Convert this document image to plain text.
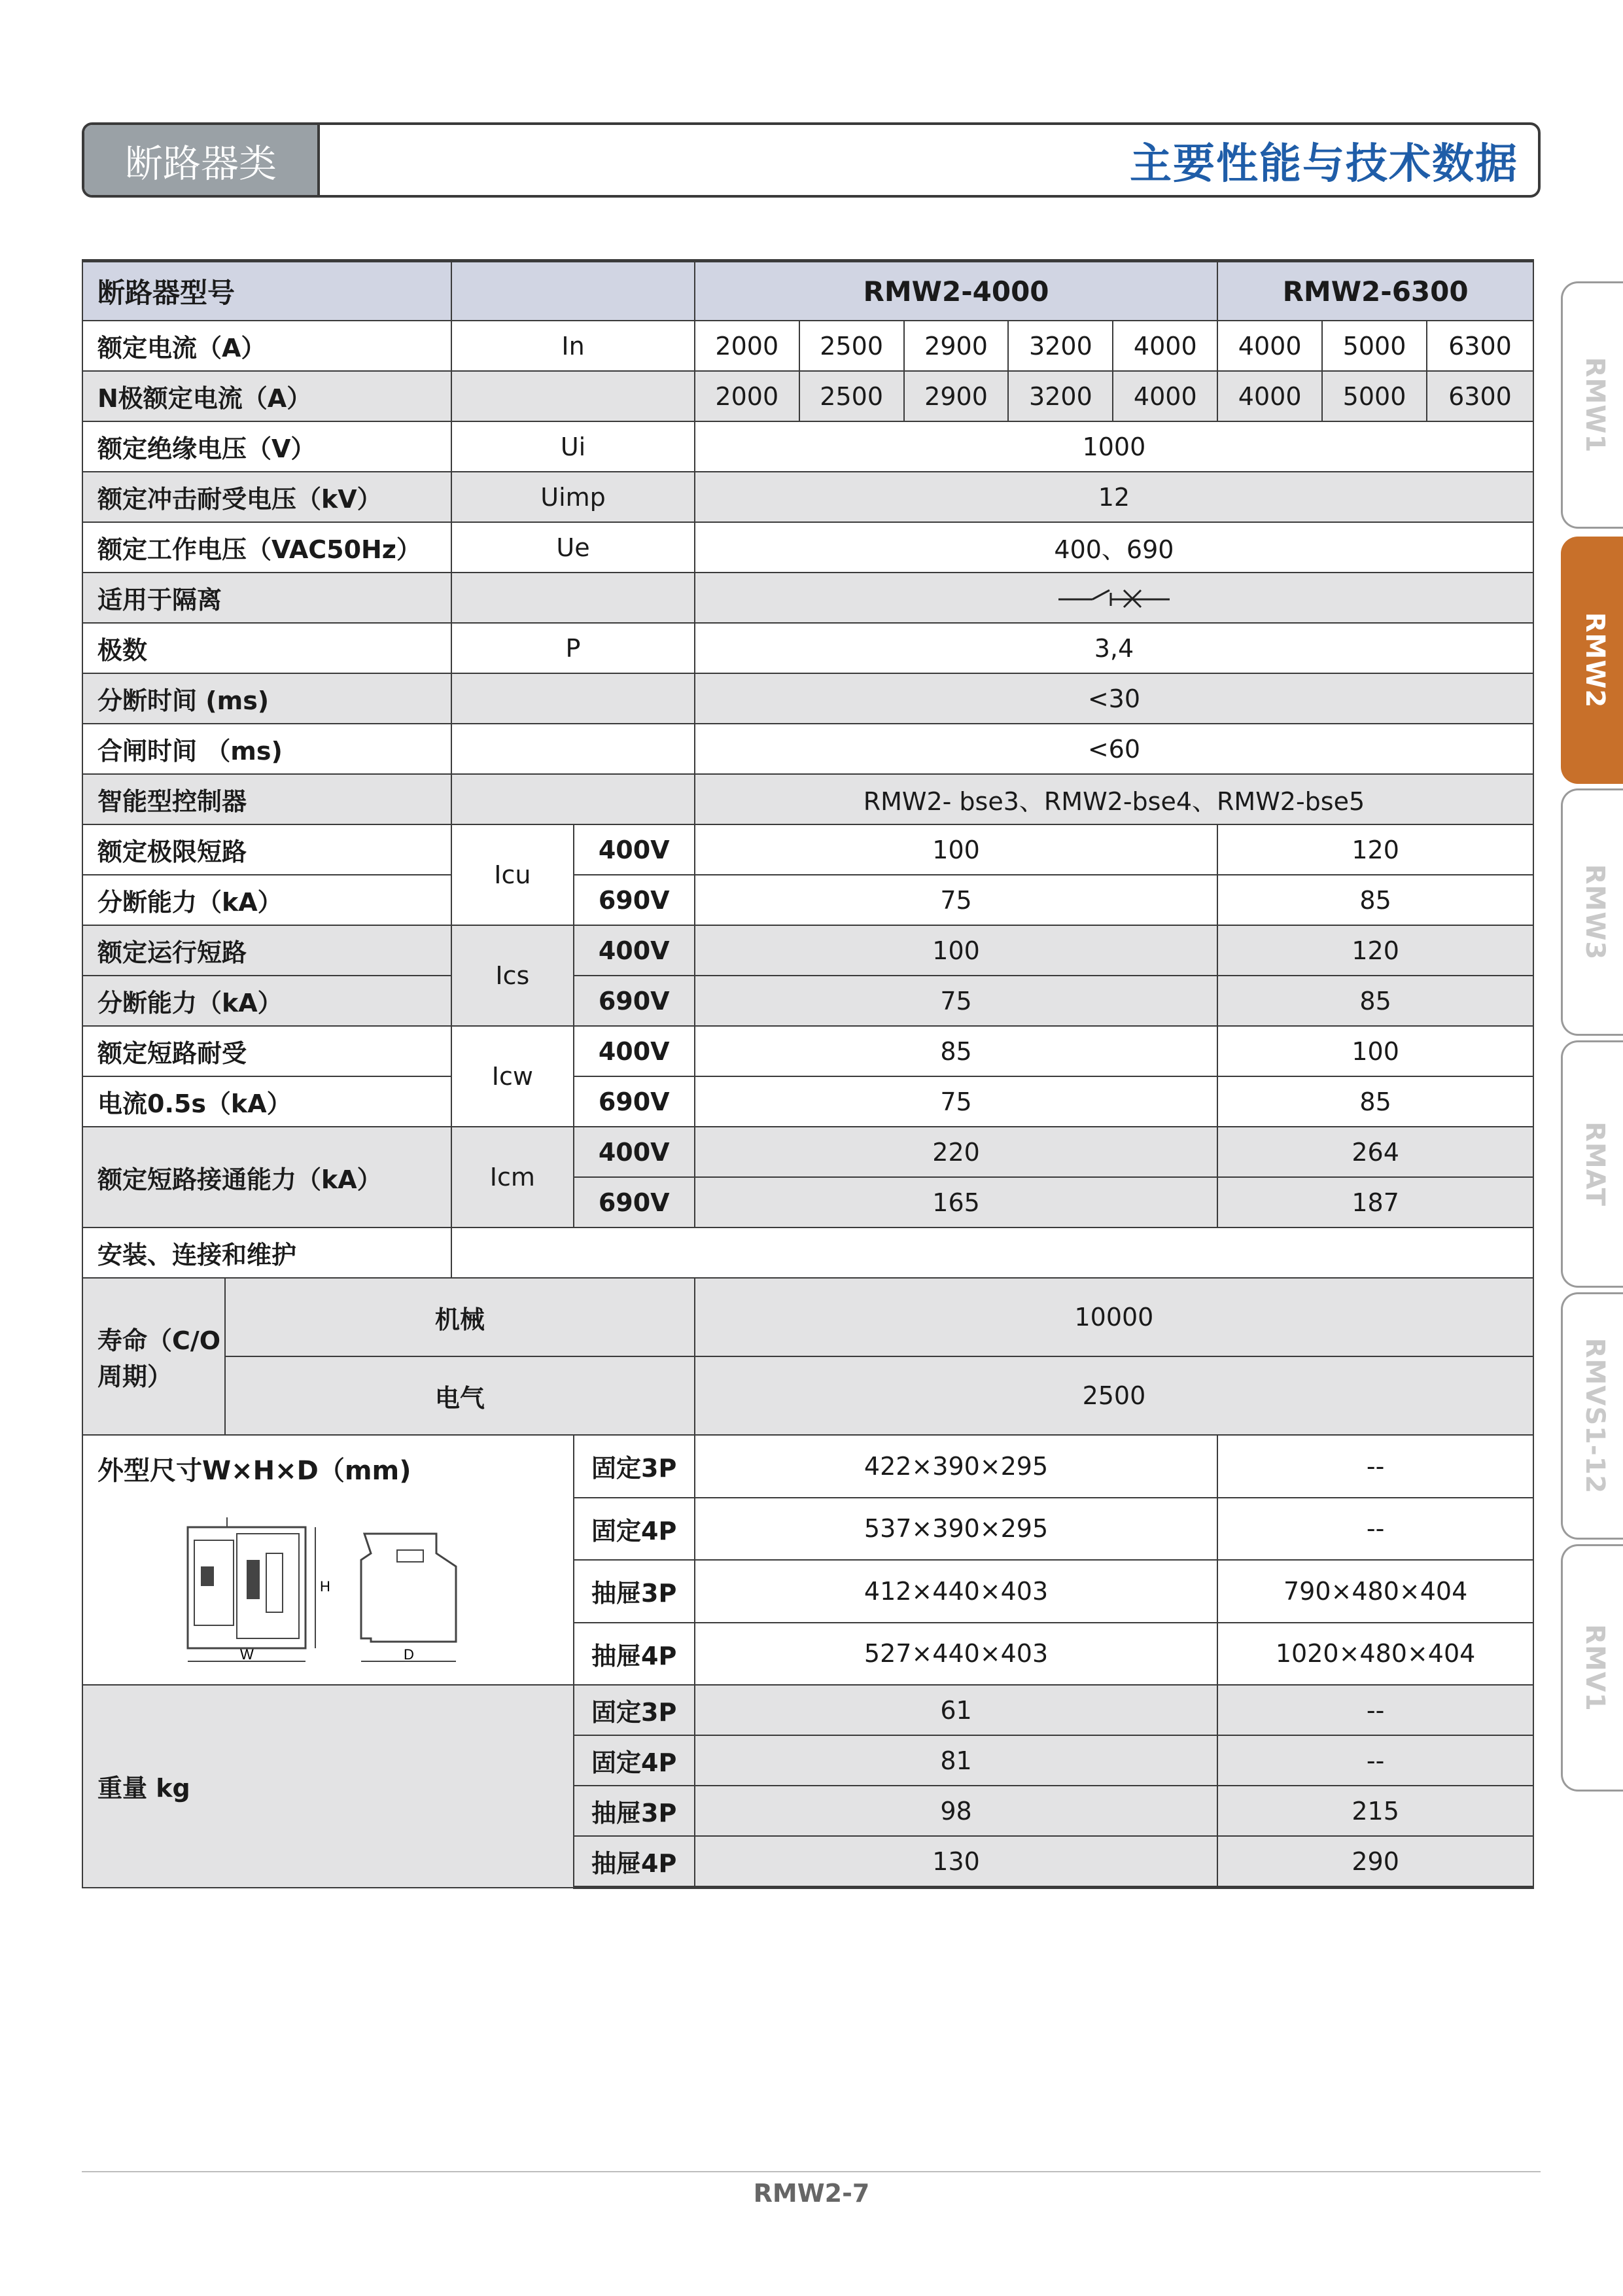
断路器类	主要性能与技术数据
RMW1
RMW2
RMW3
RMAT
RMVS1-12
RMV1
断路器型号				RMW2-4000					RMW2-6300		
额定电流（A）		In		2000	2500	2900	3200	4000	4000	5000	6300
N极额定电流（A）				2000	2500	2900	3200	4000	4000	5000	6300
额定绝缘电压（V）		Ui		1000							
额定冲击耐受电压（kV）		Uimp		12							
额定工作电压（VAC50Hz）		Ue		400、690							
适用于隔离		

极数		P		3,4							
分断时间 (ms)				<30							
合闸时间 （ms)				<60							
智能型控制器				RMW2- bse3、RMW2-bse4、RMW2-bse5							
额定极限短路		Icu	400V	100					120		
分断能力（kA）			690V	75					85		
额定运行短路		Ics	400V	100					120		
分断能力（kA）			690V	75					85		
额定短路耐受		Icw	400V	85					100		
电流0.5s（kA）			690V	75					85		
额定短路接通能力（kA）		Icm	400V	220					264		
			690V	165					187		
安装、连接和维护											
寿命（C/O周期）	机械			10000							
	电气			2500							

外型尺寸W×H×D（mm)
H
W D			固定3P	422×390×295					--		
			固定4P	537×390×295					--		
			抽屉3P	412×440×403					790×480×404		
			抽屉4P	527×440×403					1020×480×404		
重量 kg			固定3P	61					--		
			固定4P	81					--		
			抽屉3P	98					215		
			抽屉4P	130					290		
RMW2-7
